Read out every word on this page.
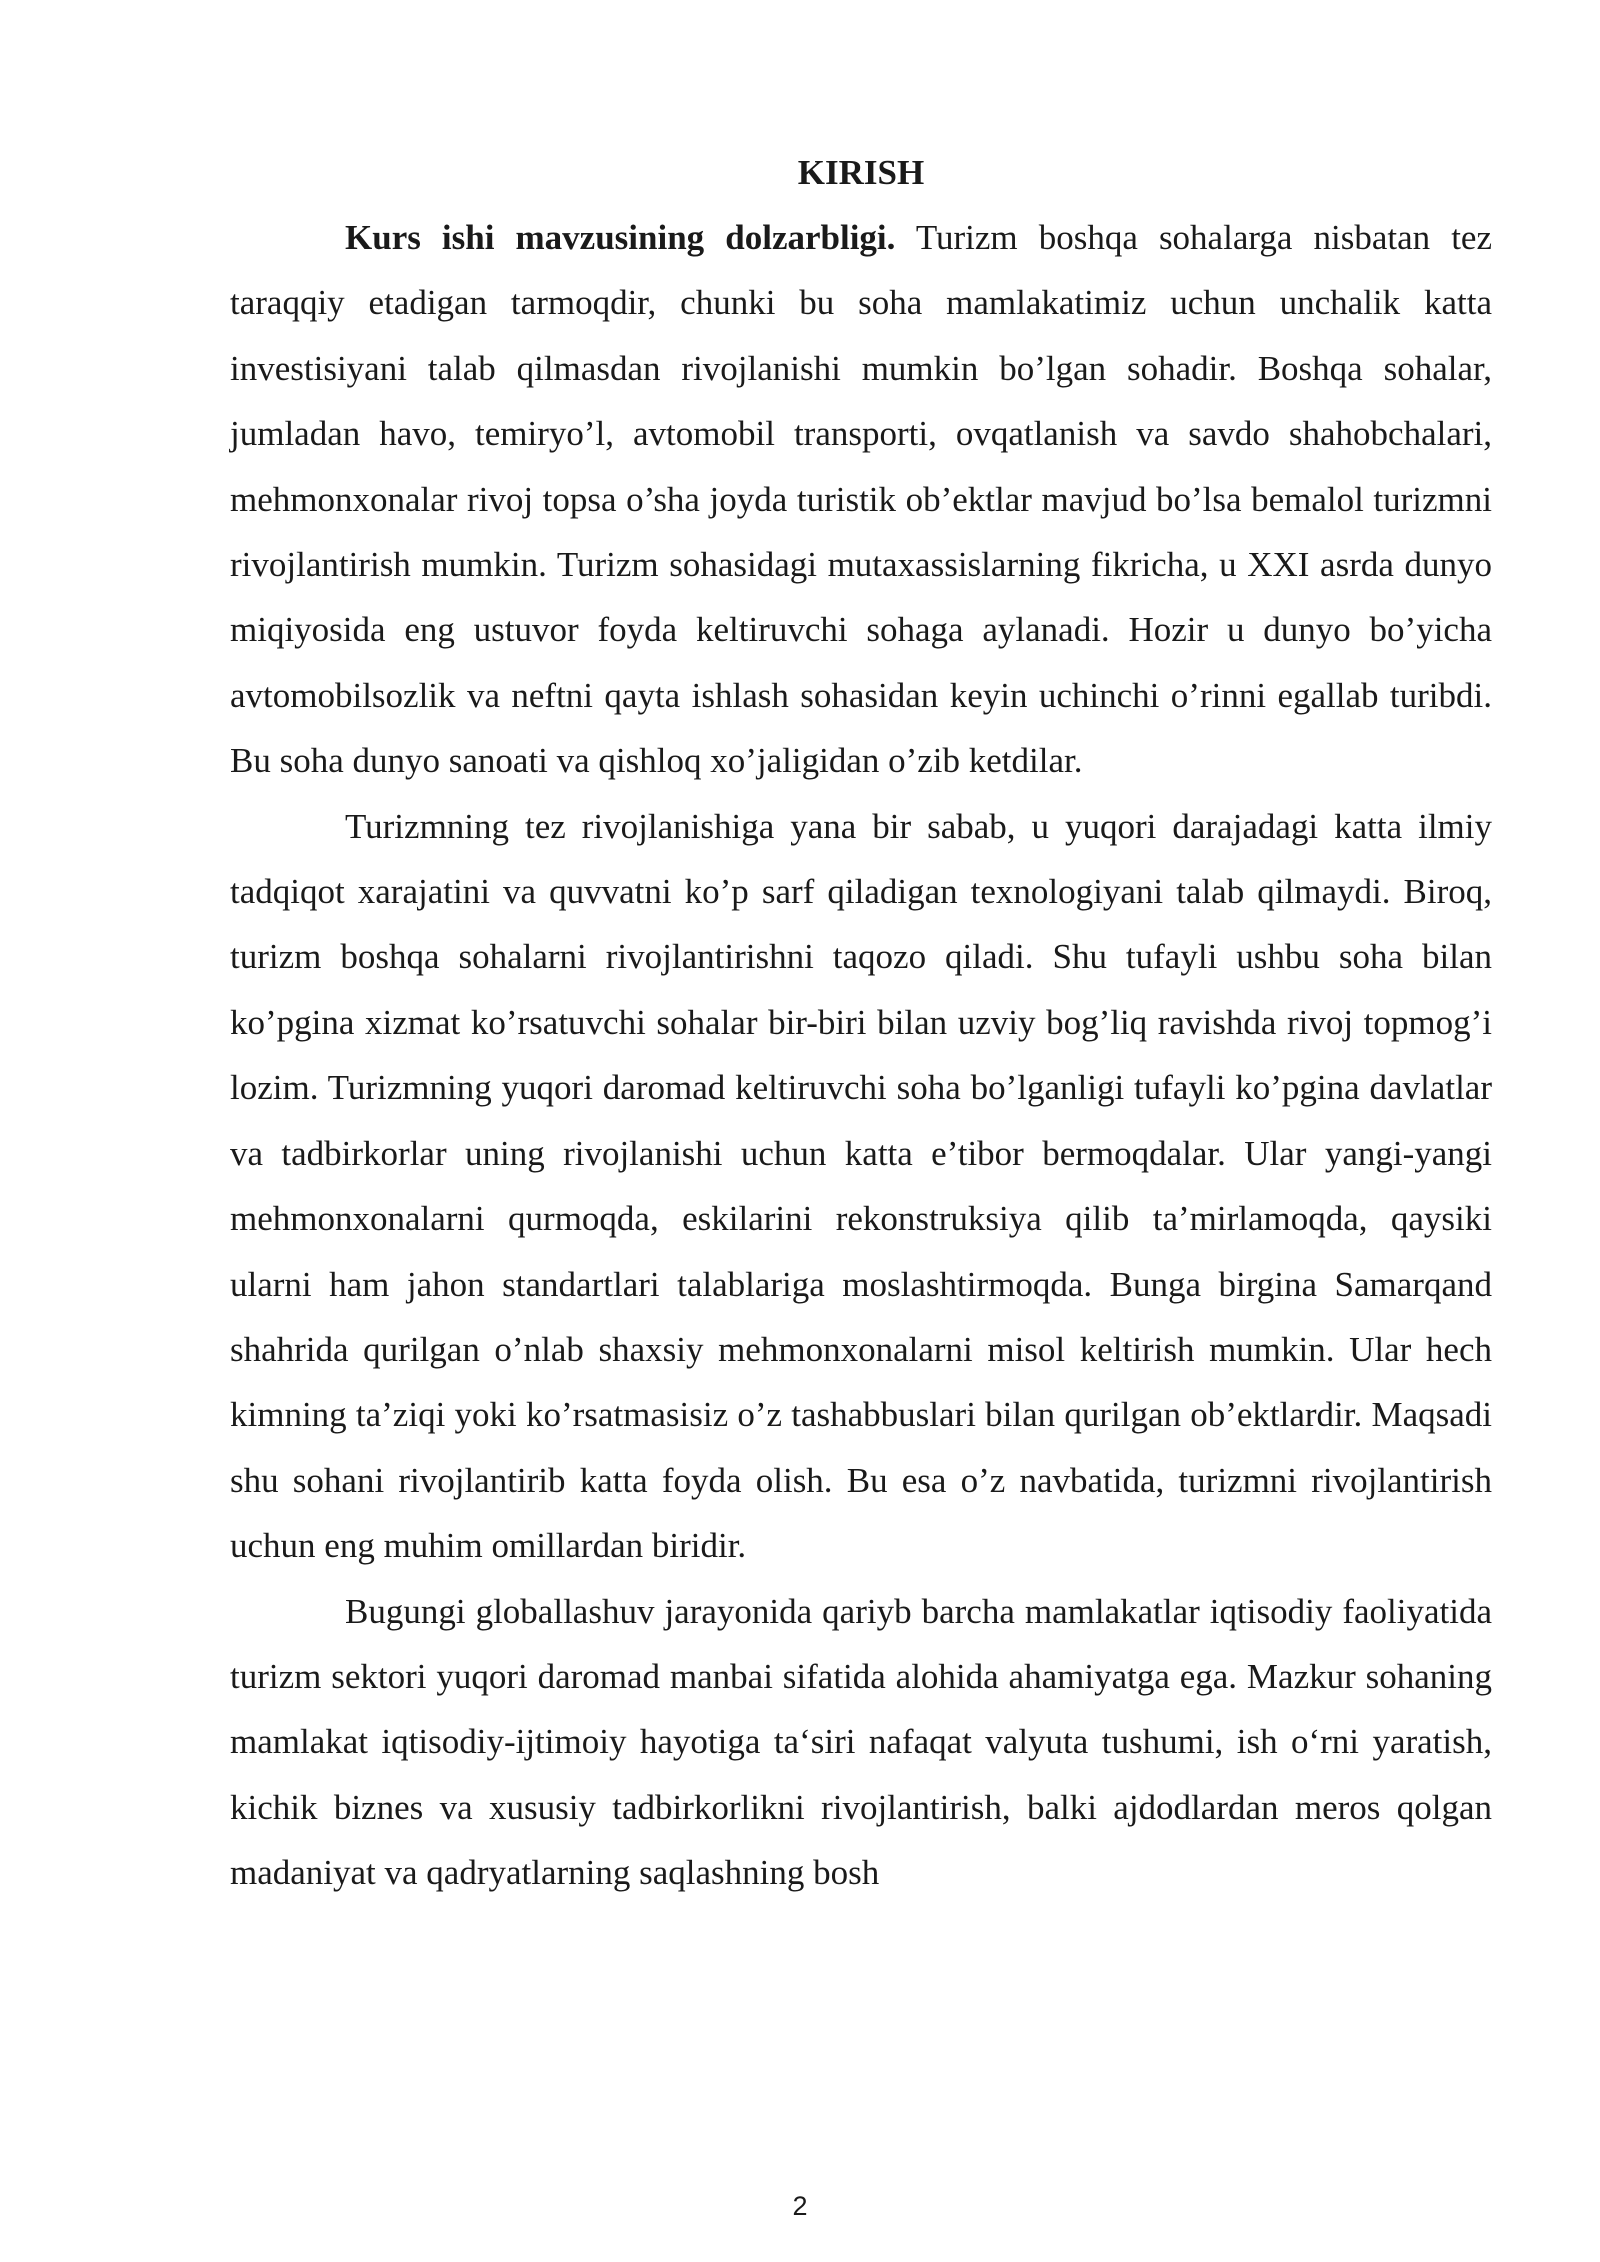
KIRISH

Kurs ishi mavzusining dolzarbligi. Turizm boshqa sohalarga nisbatan tez taraqqiy etadigan tarmoqdir, chunki bu soha mamlakatimiz uchun unchalik katta investisiyani talab qilmasdan rivojlanishi mumkin bo’lgan sohadir. Boshqa sohalar, jumladan havo, temiryo’l, avtomobil transporti, ovqatlanish va savdo shahobchalari, mehmonxonalar rivoj topsa o’sha joyda turistik ob’ektlar mavjud bo’lsa bemalol turizmni rivojlantirish mumkin. Turizm sohasidagi mutaxassislarning fikricha, u XXI asrda dunyo miqiyosida eng ustuvor foyda keltiruvchi sohaga aylanadi. Hozir u dunyo bo’yicha avtomobilsozlik va neftni qayta ishlash sohasidan keyin uchinchi o’rinni egallab turibdi. Bu soha dunyo sanoati va qishloq xo’jaligidan o’zib ketdilar.

Turizmning tez rivojlanishiga yana bir sabab, u yuqori darajadagi katta ilmiy tadqiqot xarajatini va quvvatni ko’p sarf qiladigan texnologiyani talab qilmaydi. Biroq, turizm boshqa sohalarni rivojlantirishni taqozo qiladi. Shu tufayli ushbu soha bilan ko’pgina xizmat ko’rsatuvchi sohalar bir-biri bilan uzviy bog’liq ravishda rivoj topmog’i lozim. Turizmning yuqori daromad keltiruvchi soha bo’lganligi tufayli ko’pgina davlatlar va tadbirkorlar uning rivojlanishi uchun katta e’tibor bermoqdalar. Ular yangi-yangi mehmonxonalarni qurmoqda, eskilarini rekonstruksiya qilib ta’mirlamoqda, qaysiki ularni ham jahon standartlari talablariga moslashtirmoqda. Bunga birgina Samarqand shahrida qurilgan o’nlab shaxsiy mehmonxonalarni misol keltirish mumkin. Ular hech kimning ta’ziqi yoki ko’rsatmasisiz o’z tashabbuslari bilan qurilgan ob’ektlardir. Maqsadi shu sohani rivojlantirib katta foyda olish. Bu esa o’z navbatida, turizmni rivojlantirish uchun eng muhim omillardan biridir.

Bugungi globallashuv jarayonida qariyb barcha mamlakatlar iqtisodiy faoliyatida turizm sektori yuqori daromad manbai sifatida alohida ahamiyatga ega. Mazkur sohaning mamlakat iqtisodiy-ijtimoiy hayotiga ta‘siri nafaqat valyuta tushumi, ish o‘rni yaratish, kichik biznes va xususiy tadbirkorlikni rivojlantirish, balki ajdodlardan meros qolgan madaniyat va qadryatlarning saqlashning bosh

2
